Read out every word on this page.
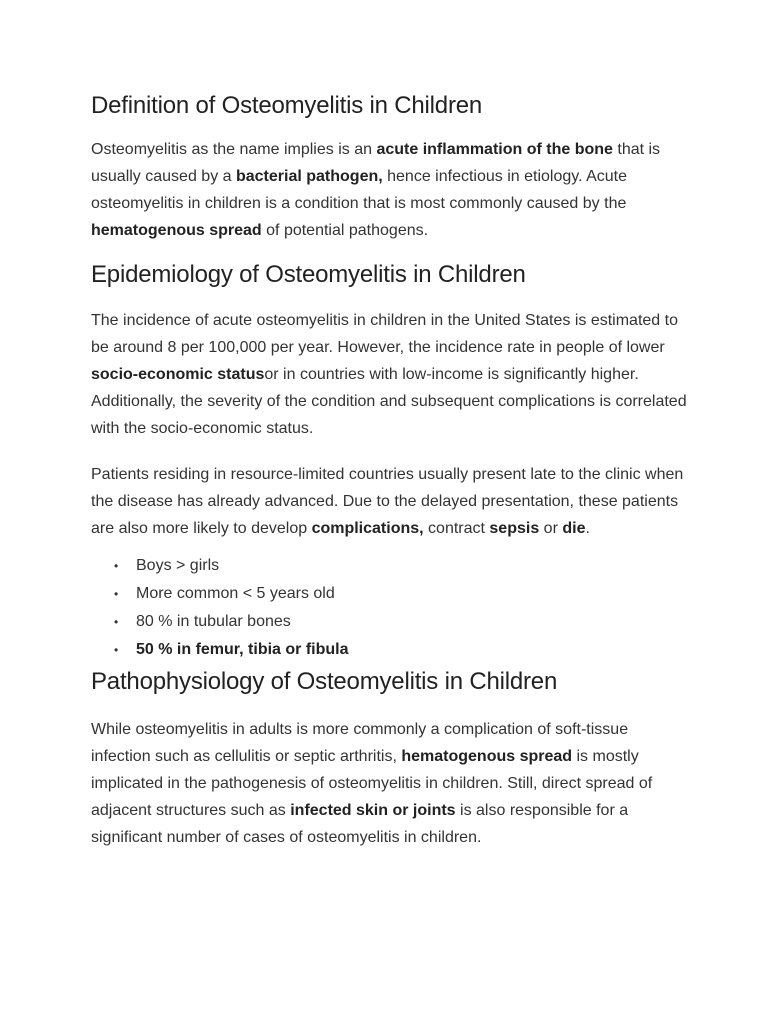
Definition of Osteomyelitis in Children

Osteomyelitis as the name implies is an acute inflammation of the bone that is usually caused by a bacterial pathogen, hence infectious in etiology. Acute osteomyelitis in children is a condition that is most commonly caused by the hematogenous spread of potential pathogens.

Epidemiology of Osteomyelitis in Children

The incidence of acute osteomyelitis in children in the United States is estimated to be around 8 per 100,000 per year. However, the incidence rate in people of lower socio-economic statusor in countries with low-income is significantly higher. Additionally, the severity of the condition and subsequent complications is correlated with the socio-economic status.

Patients residing in resource-limited countries usually present late to the clinic when the disease has already advanced. Due to the delayed presentation, these patients are also more likely to develop complications, contract sepsis or die.

• Boys > girls
• More common < 5 years old
• 80 % in tubular bones
• 50 % in femur, tibia or fibula
Pathophysiology of Osteomyelitis in Children

While osteomyelitis in adults is more commonly a complication of soft-tissue infection such as cellulitis or septic arthritis, hematogenous spread is mostly implicated in the pathogenesis of osteomyelitis in children. Still, direct spread of adjacent structures such as infected skin or joints is also responsible for a significant number of cases of osteomyelitis in children.
